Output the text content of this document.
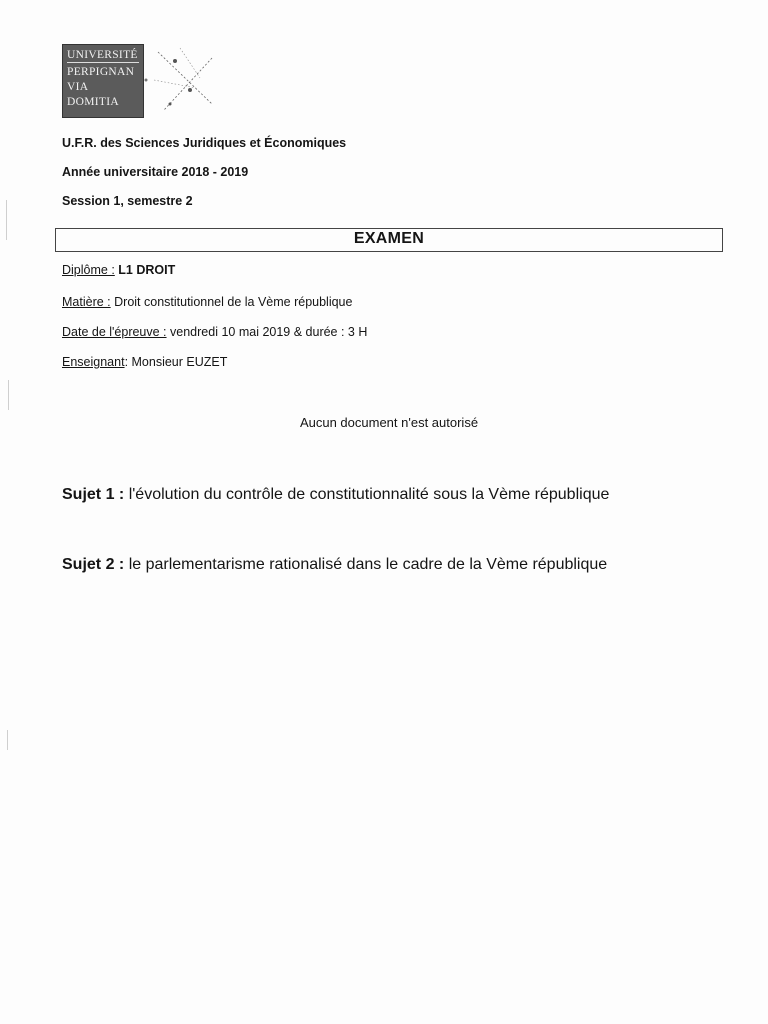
UNIVERSITÉ
PERPIGNAN
VIA
DOMITIA
U.F.R. des Sciences Juridiques et Économiques
Année universitaire 2018 - 2019
Session 1, semestre 2
EXAMEN
Diplôme : L1 DROIT
Matière : Droit constitutionnel de la Vème république
Date de l'épreuve : vendredi 10 mai 2019 & durée : 3 H
Enseignant: Monsieur EUZET
Aucun document n'est autorisé
Sujet 1 : l'évolution du contrôle de constitutionnalité sous la Vème république
Sujet 2 : le parlementarisme rationalisé dans le cadre de la Vème république
